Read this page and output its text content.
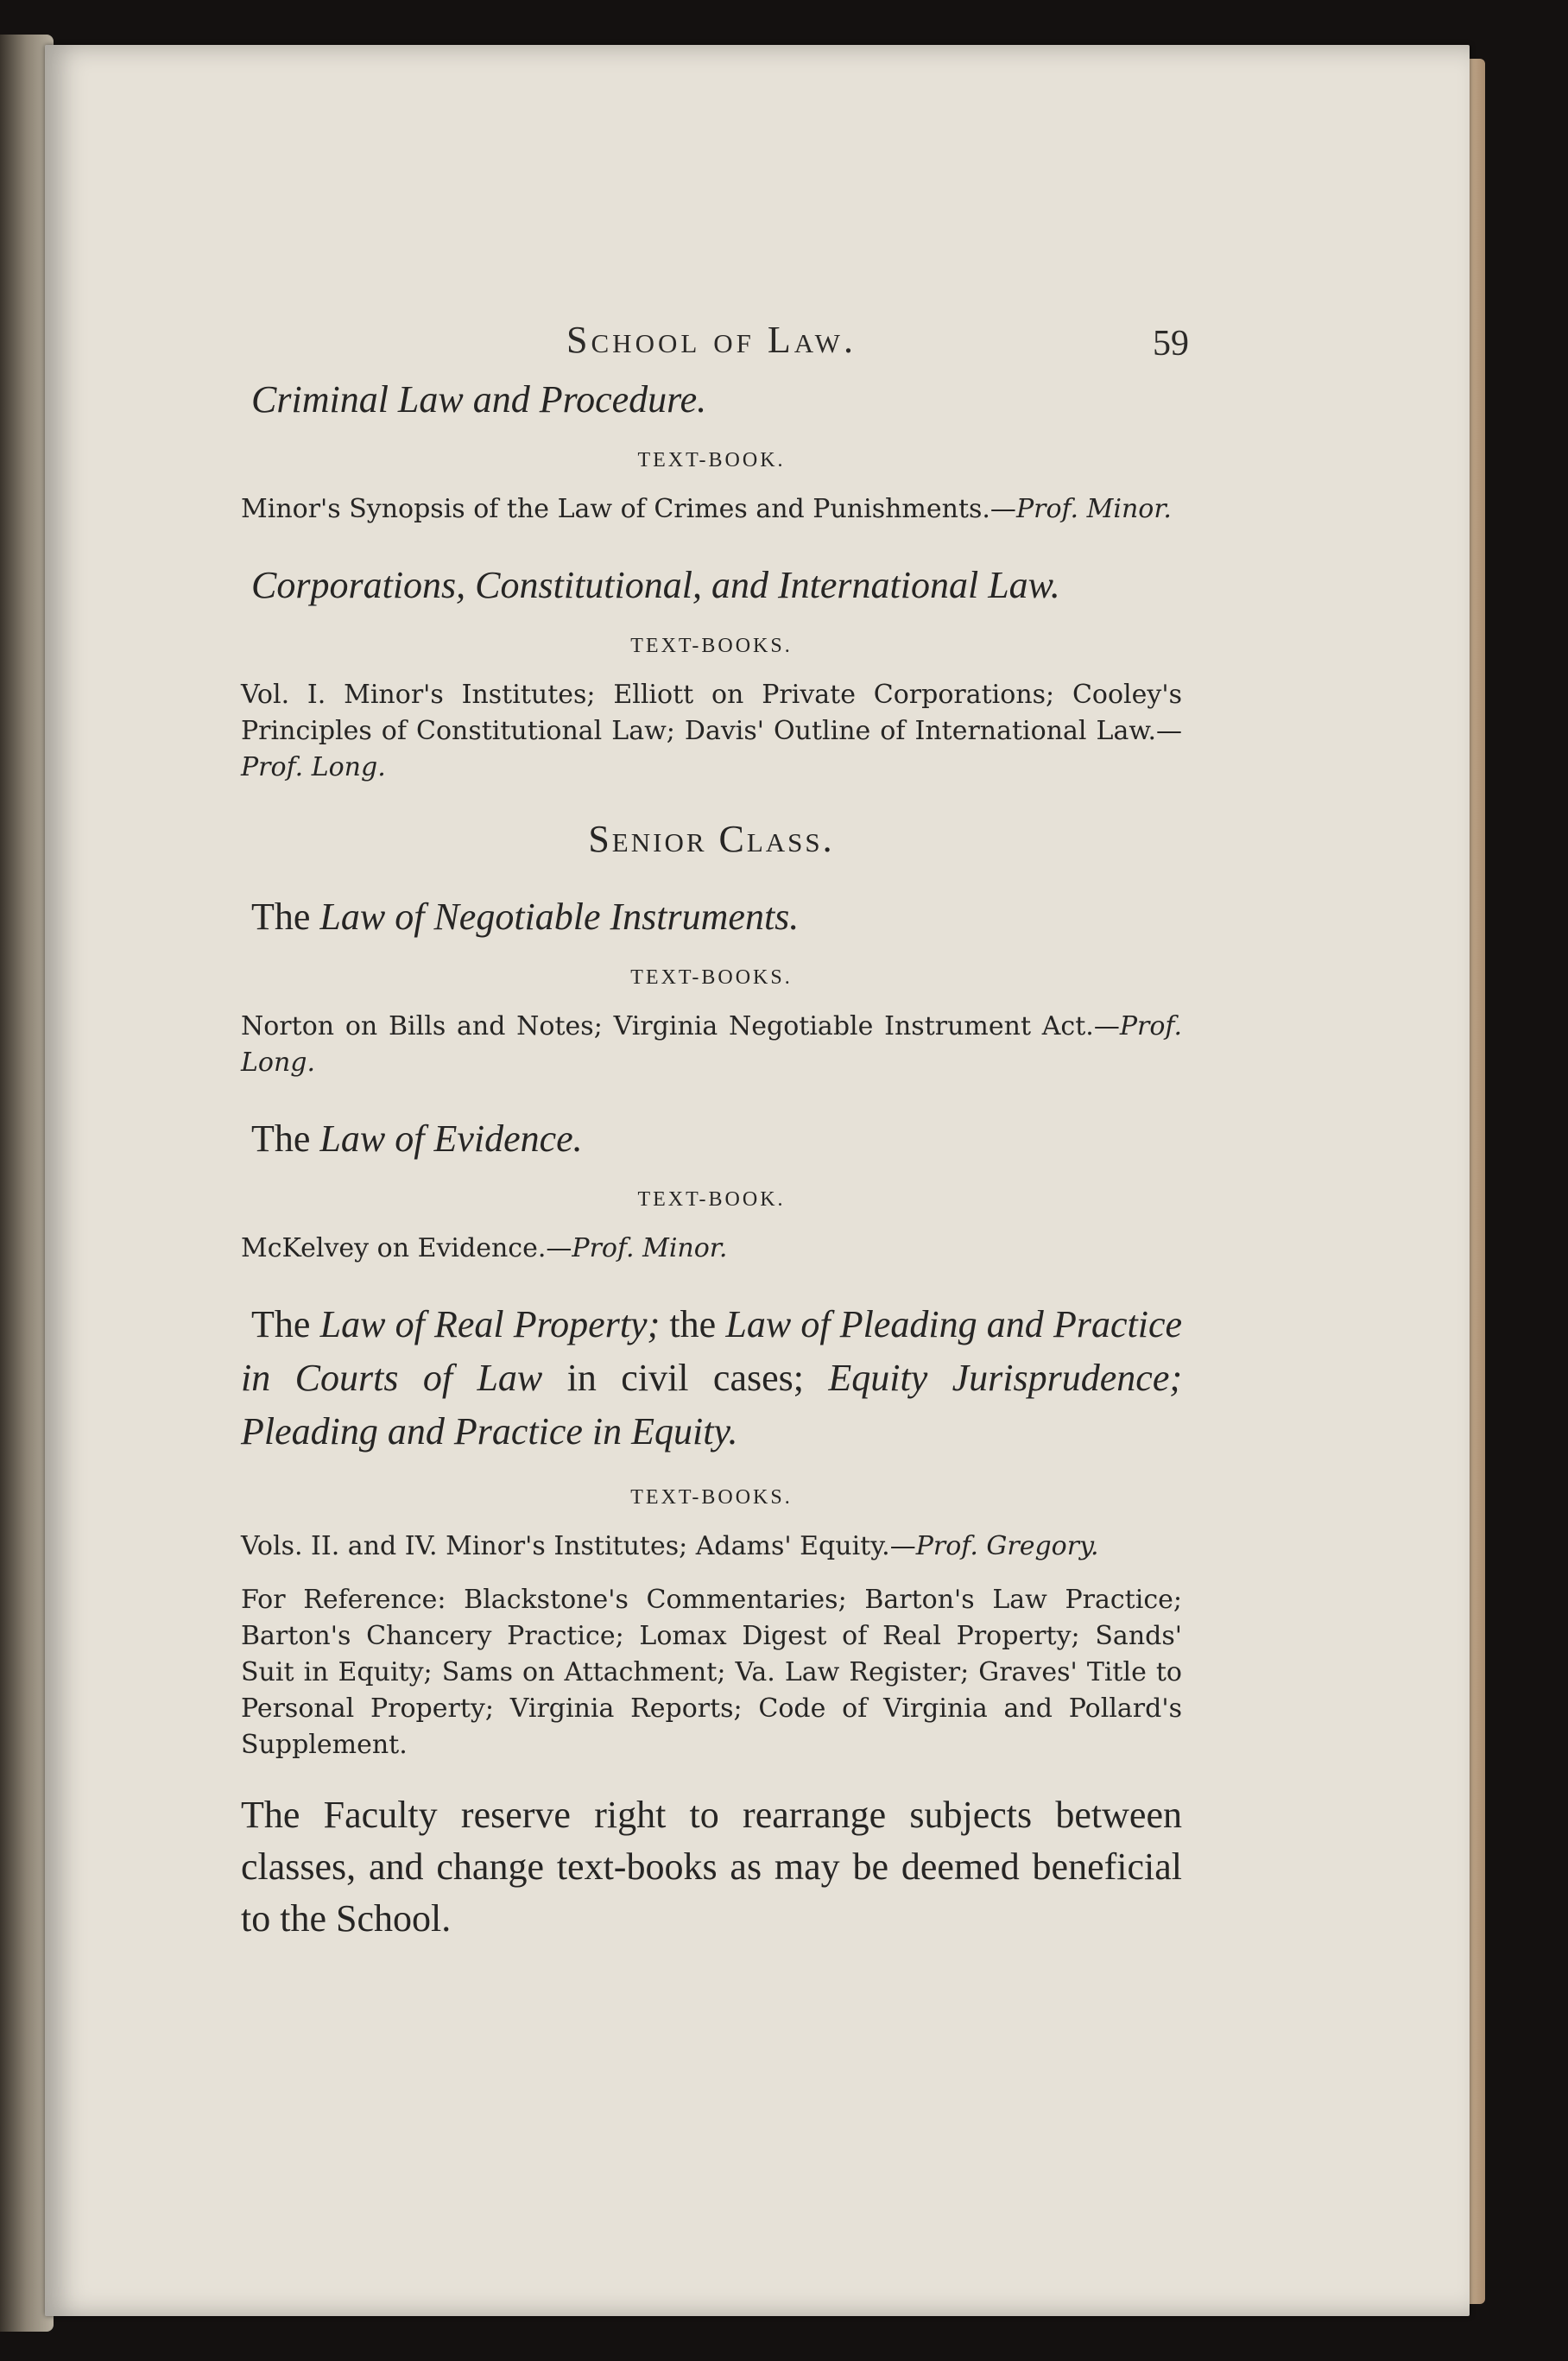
School of Law.	59
Criminal Law and Procedure.
TEXT-BOOK.

Minor's Synopsis of the Law of Crimes and Punishments.—Prof. Minor.

Corporations, Constitutional, and International Law.
TEXT-BOOKS.

Vol. I. Minor's Institutes; Elliott on Private Corporations; Cooley's Principles of Constitutional Law; Davis' Outline of International Law.—Prof. Long.

Senior Class.
The Law of Negotiable Instruments.
TEXT-BOOKS.

Norton on Bills and Notes; Virginia Negotiable Instrument Act.—Prof. Long.

The Law of Evidence.
TEXT-BOOK.

McKelvey on Evidence.—Prof. Minor.

The Law of Real Property; the Law of Pleading and Practice in Courts of Law in civil cases; Equity Jurisprudence; Pleading and Practice in Equity.
TEXT-BOOKS.

Vols. II. and IV. Minor's Institutes; Adams' Equity.—Prof. Gregory.

For Reference: Blackstone's Commentaries; Barton's Law Practice; Barton's Chancery Practice; Lomax Digest of Real Property; Sands' Suit in Equity; Sams on Attachment; Va. Law Register; Graves' Title to Personal Property; Virginia Reports; Code of Virginia and Pollard's Supplement.

The Faculty reserve right to rearrange subjects between classes, and change text-books as may be deemed beneficial to the School.
